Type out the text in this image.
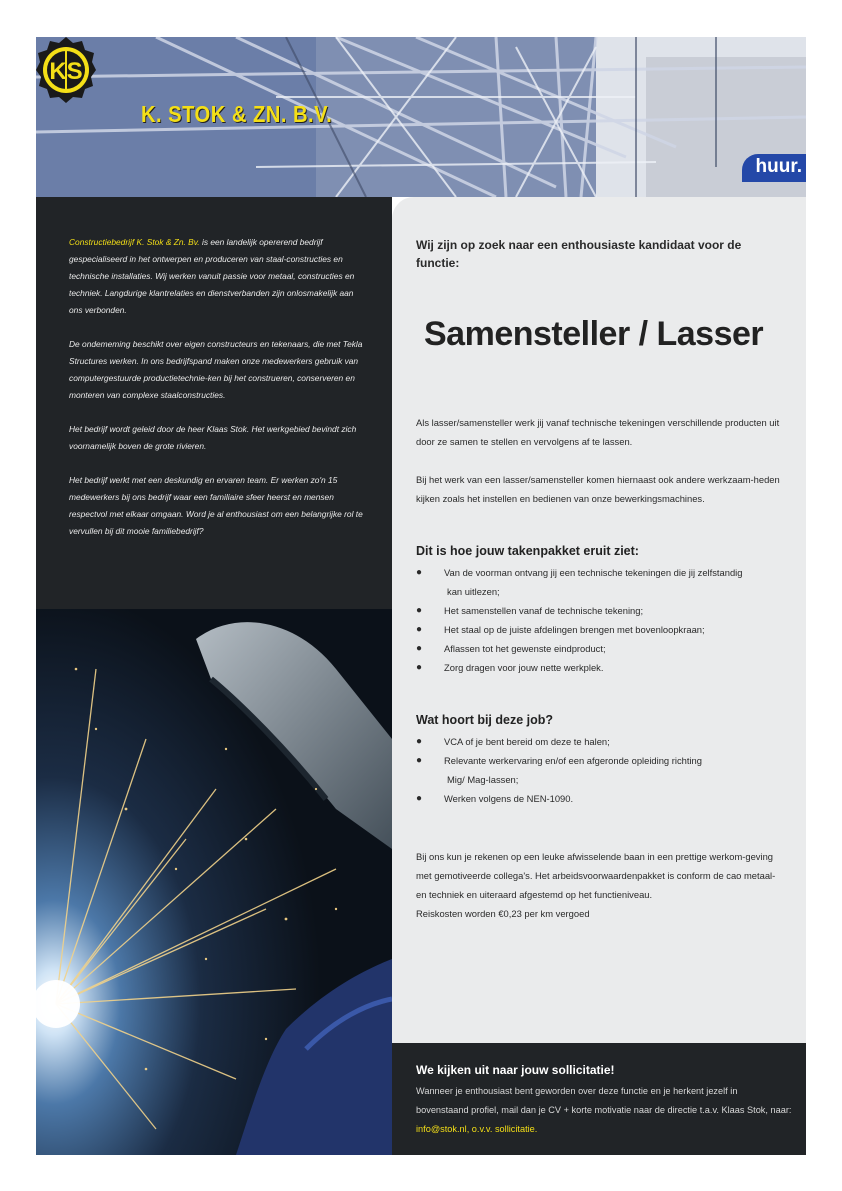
KS
K. STOK & ZN. B.V.
huur.

Constructiebedrijf K. Stok & Zn. Bv. is een landelijk opererend bedrijf gespecialiseerd in het ontwerpen en produceren van staal-constructies en technische installaties. Wij werken vanuit passie voor metaal, constructies en techniek. Langdurige klantrelaties en dienstverbanden zijn onlosmakelijk aan ons verbonden.

De ondememing beschikt over eigen constructeurs en tekenaars, die met Tekla Structures werken. In ons bedrijfspand maken onze medewerkers gebruik van computergestuurde productietechnie-ken bij het construeren, conserveren en monteren van complexe staalconstructies.

Het bedrijf wordt geleid door de heer Klaas Stok. Het werkgebied bevindt zich voornamelijk boven de grote rivieren.

Het bedrijf werkt met een deskundig en ervaren team. Er werken zo'n 15 medewerkers bij ons bedrijf waar een familiaire sfeer heerst en mensen respectvol met elkaar omgaan. Word je al enthousiast om een belangrijke rol te vervullen bij dit mooie familiebedrijf?

Wij zijn op zoek naar een enthousiaste kandidaat voor de functie:
Samensteller / Lasser

Als lasser/samensteller werk jij vanaf technische tekeningen verschillende producten uit door ze samen te stellen en vervolgens af te lassen.

Bij het werk van een lasser/samensteller komen hiernaast ook andere werkzaam-heden kijken zoals het instellen en bedienen van onze bewerkingsmachines.

Dit is hoe jouw takenpakket eruit ziet:
● Van de voorman ontvang jij een technische tekeningen die jij zelfstandig
kan uitlezen;
● Het samenstellen vanaf de technische tekening;
● Het staal op de juiste afdelingen brengen met bovenloopkraan;
● Aflassen tot het gewenste eindproduct;
● Zorg dragen voor jouw nette werkplek.
Wat hoort bij deze job?
● VCA of je bent bereid om deze te halen;
● Relevante werkervaring en/of een afgeronde opleiding richting
Mig/ Mag-lassen;
● Werken volgens de NEN-1090.

Bij ons kun je rekenen op een leuke afwisselende baan in een prettige werkom-geving met gemotiveerde collega's. Het arbeidsvoorwaardenpakket is conform de cao metaal- en techniek en uiteraard afgestemd op het functieniveau.

Reiskosten worden €0,23 per km vergoed

We kijken uit naar jouw sollicitatie!

Wanneer je enthousiast bent geworden over deze functie en je herkent jezelf in bovenstaand profiel, mail dan je CV + korte motivatie naar de directie t.a.v. Klaas Stok, naar: info@stok.nl, o.v.v. sollicitatie.
